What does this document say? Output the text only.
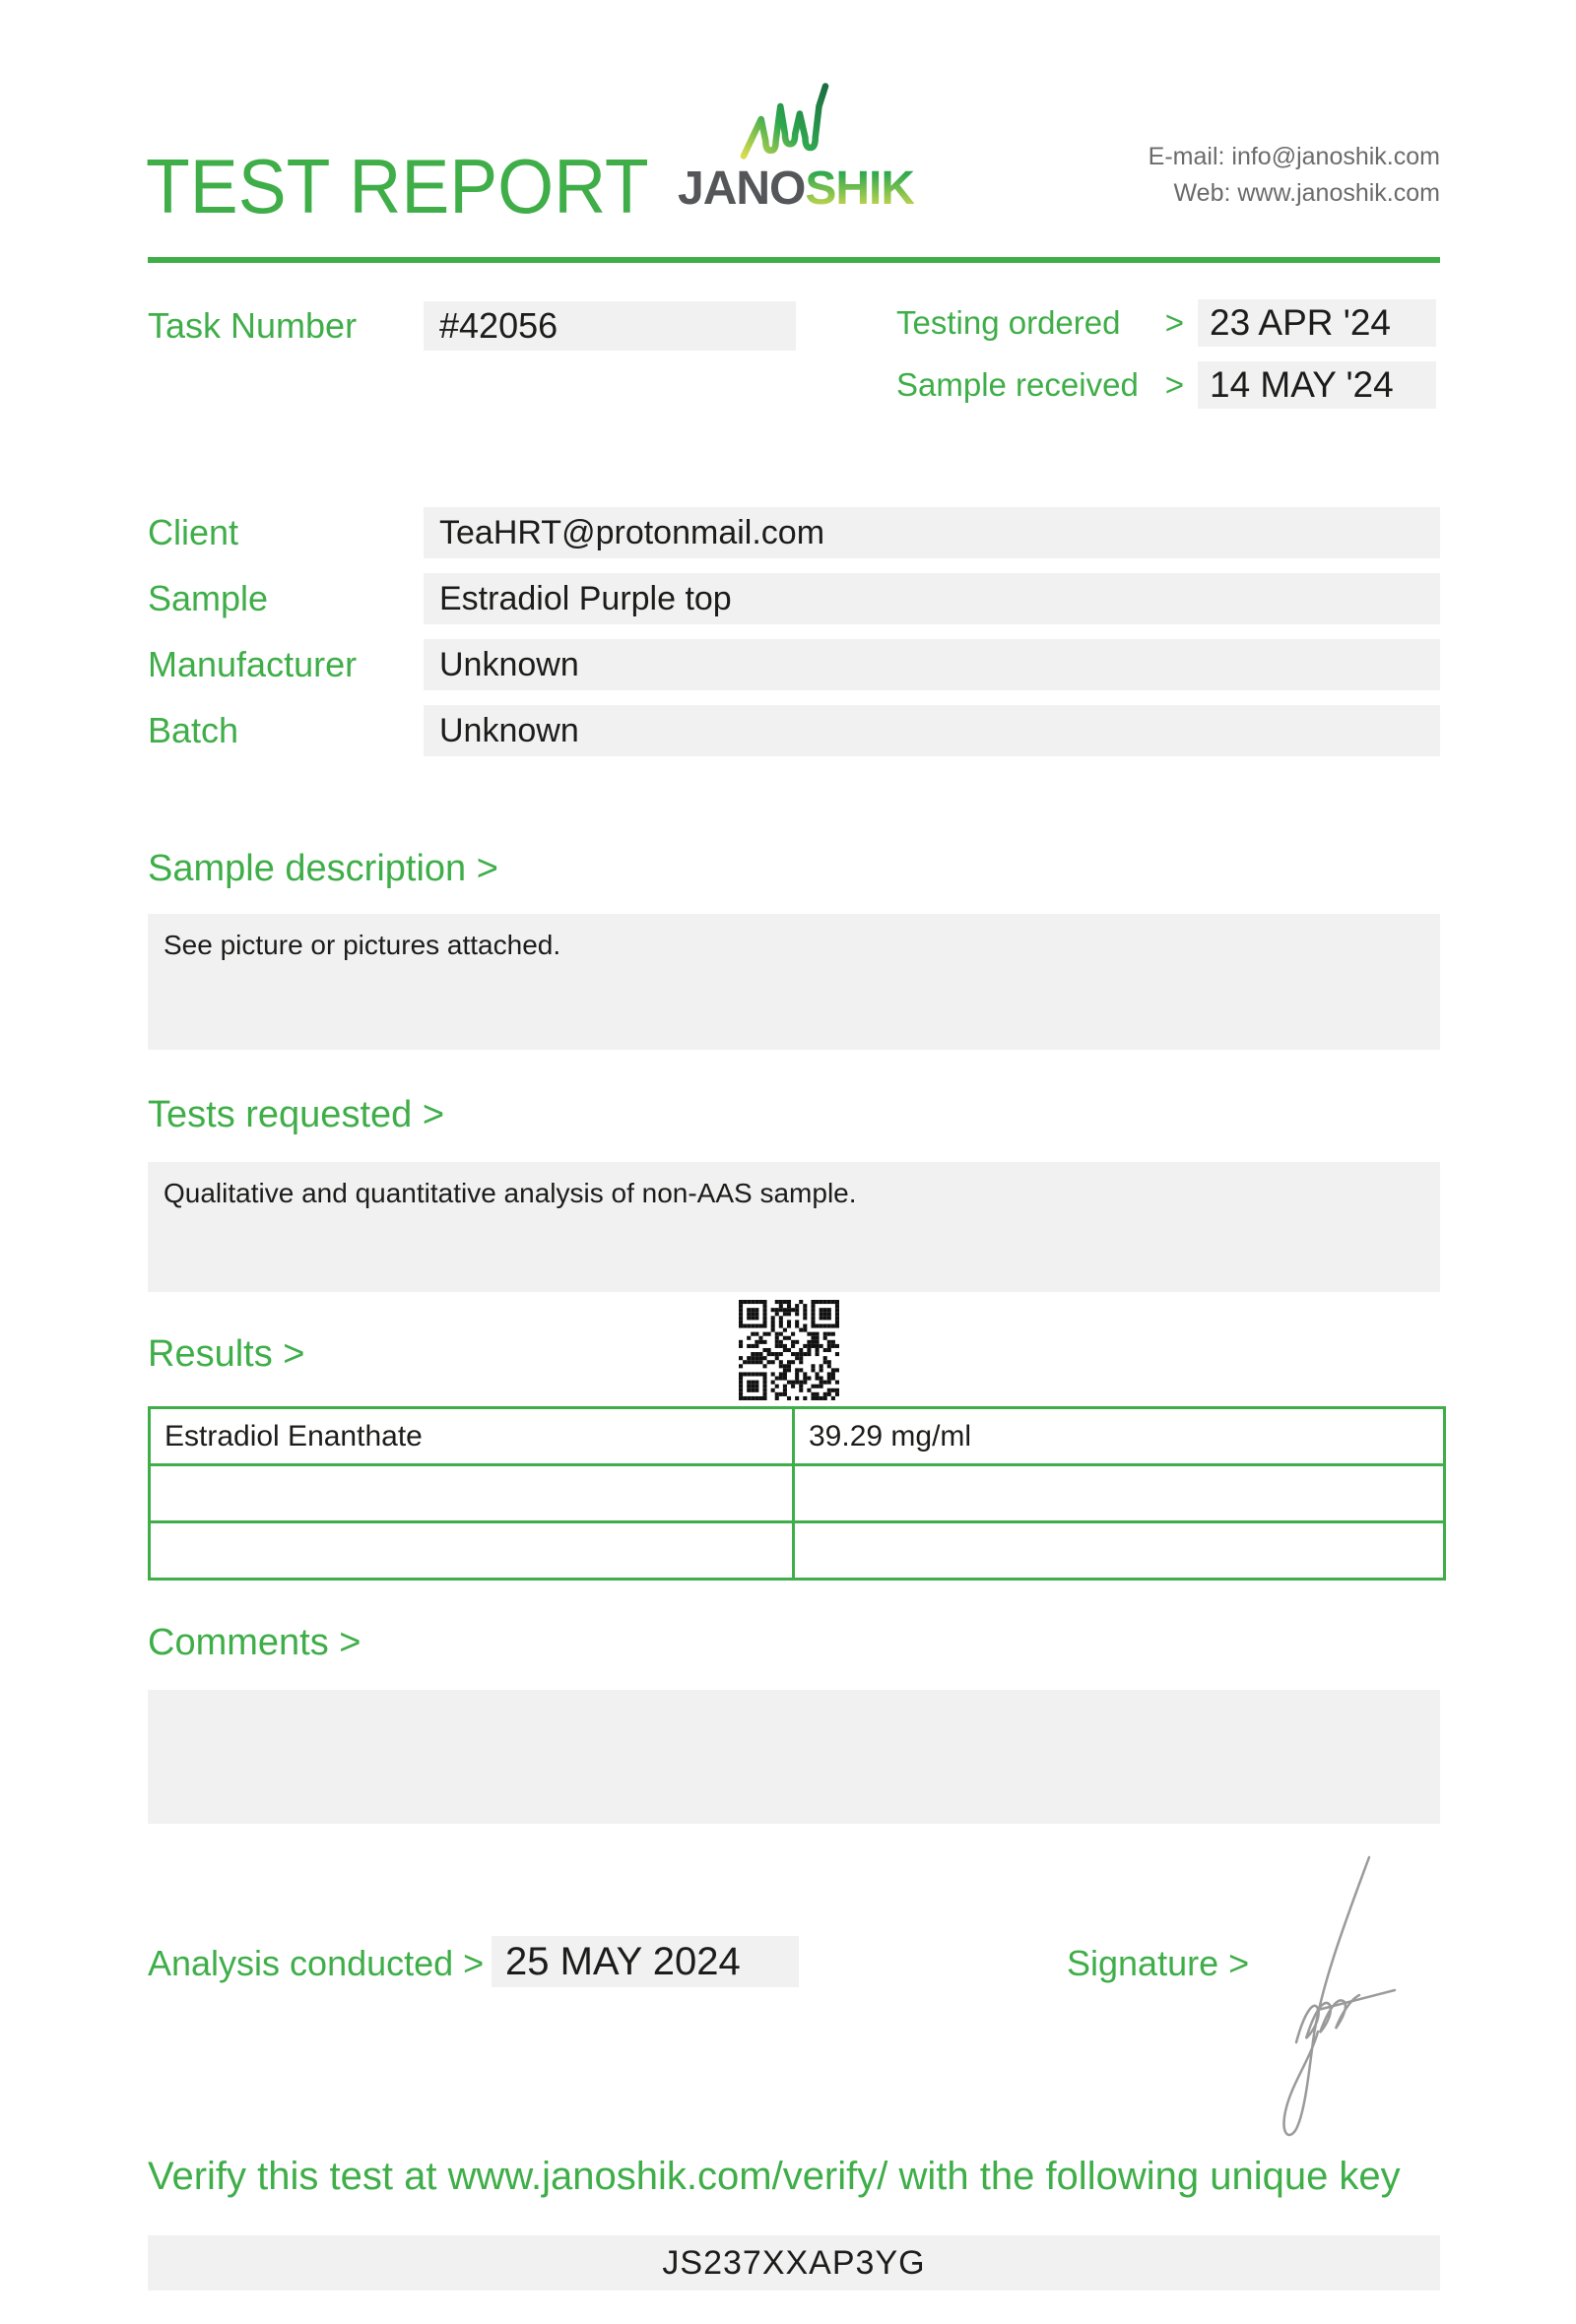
TEST REPORT JANOSHIK
E-mail: info@janoshik.com
Web: www.janoshik.com
Task Number	#42056	Testing ordered > 23 APR '24
Sample received > 14 MAY '24
Client	TeaHRT@protonmail.com
Sample	Estradiol Purple top
Manufacturer	Unknown
Batch	Unknown
Sample description >
See picture or pictures attached.
Tests requested >
Qualitative and quantitative analysis of non-AAS sample.
Results >
Estradiol Enanthate	39.29 mg/ml
Comments >
Analysis conducted > 25 MAY 2024	Signature >
Verify this test at www.janoshik.com/verify/ with the following unique key
JS237XXAP3YG
